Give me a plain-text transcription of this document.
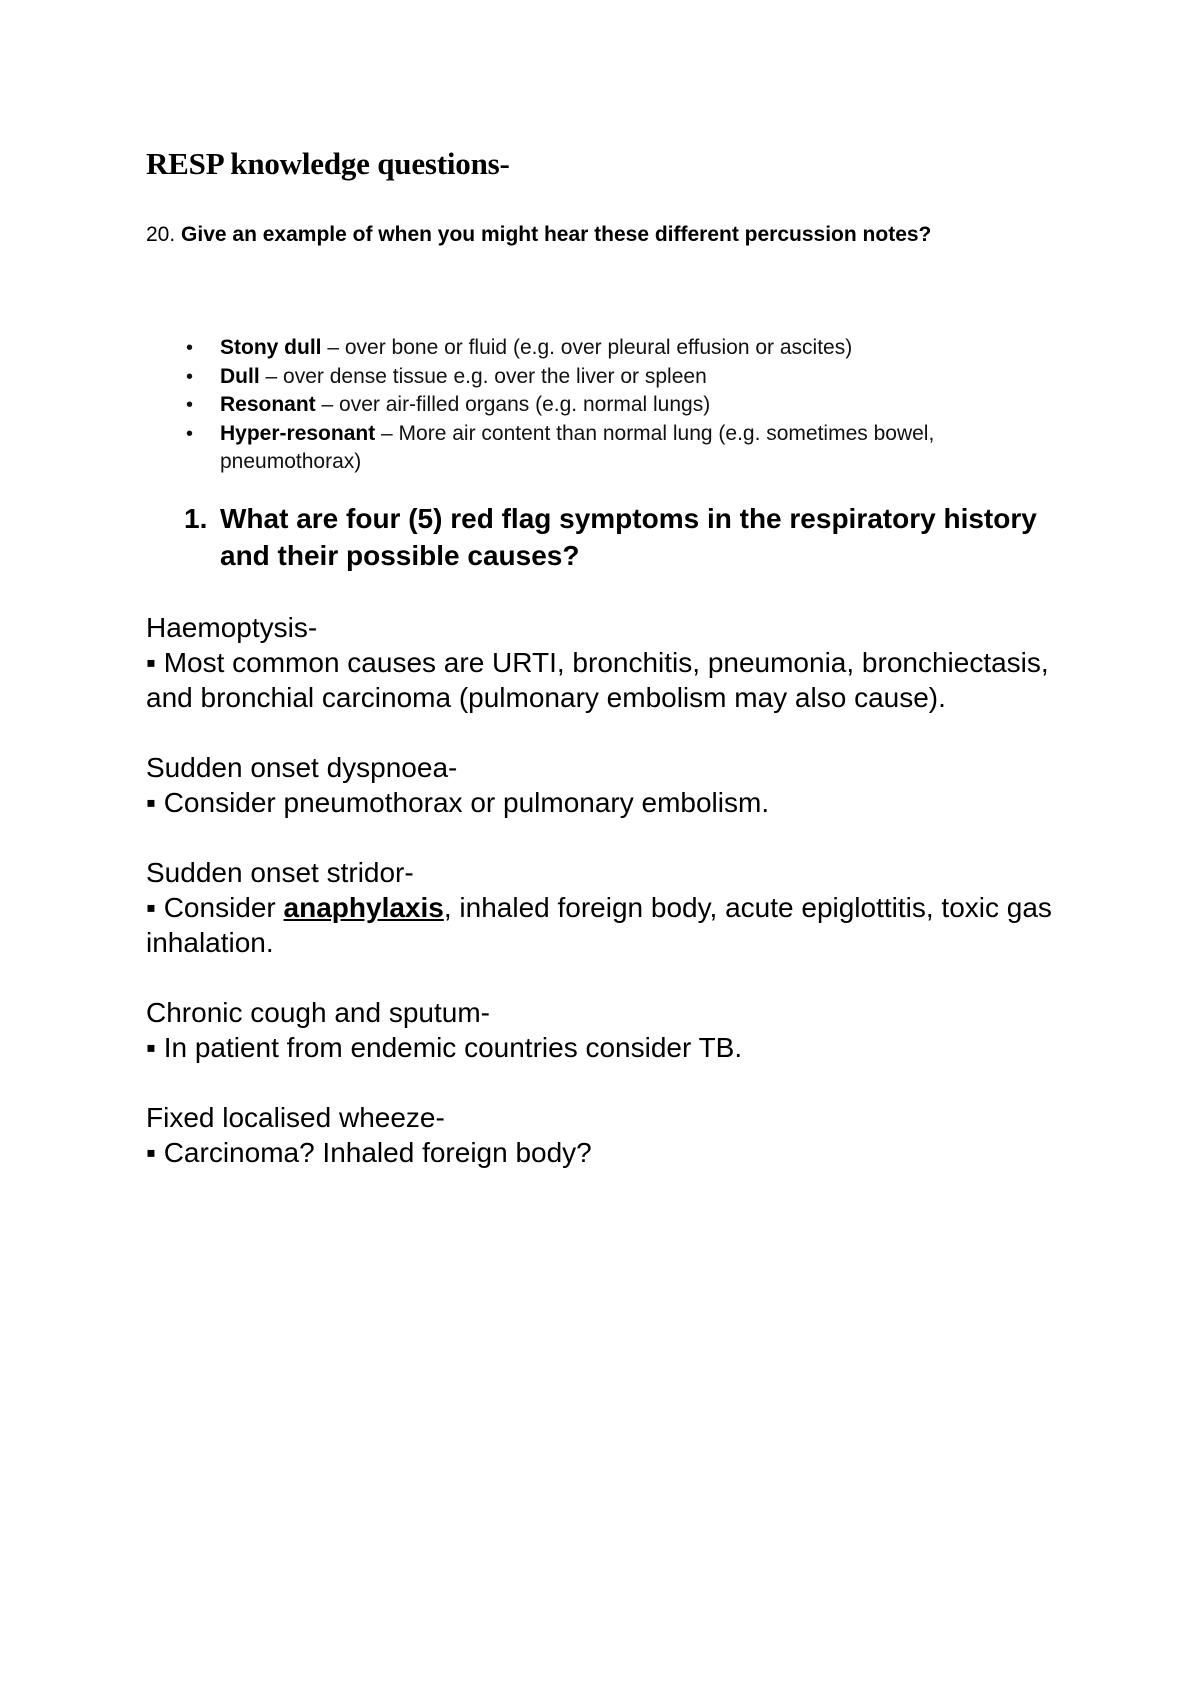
RESP knowledge questions-

20. Give an example of when you might hear these different percussion notes?

• Stony dull – over bone or fluid (e.g. over pleural effusion or ascites)
• Dull – over dense tissue e.g. over the liver or spleen
• Resonant – over air-filled organs (e.g. normal lungs)
• Hyper-resonant – More air content than normal lung (e.g. sometimes bowel, pneumothorax)

1. What are four (5) red flag symptoms in the respiratory history and their possible causes?

Haemoptysis-

▪ Most common causes are URTI, bronchitis, pneumonia, bronchiectasis, and bronchial carcinoma (pulmonary embolism may also cause).

Sudden onset dyspnoea-

▪ Consider pneumothorax or pulmonary embolism.

Sudden onset stridor-

▪ Consider anaphylaxis, inhaled foreign body, acute epiglottitis, toxic gas inhalation.

Chronic cough and sputum-

▪ In patient from endemic countries consider TB.

Fixed localised wheeze-

▪ Carcinoma? Inhaled foreign body?
